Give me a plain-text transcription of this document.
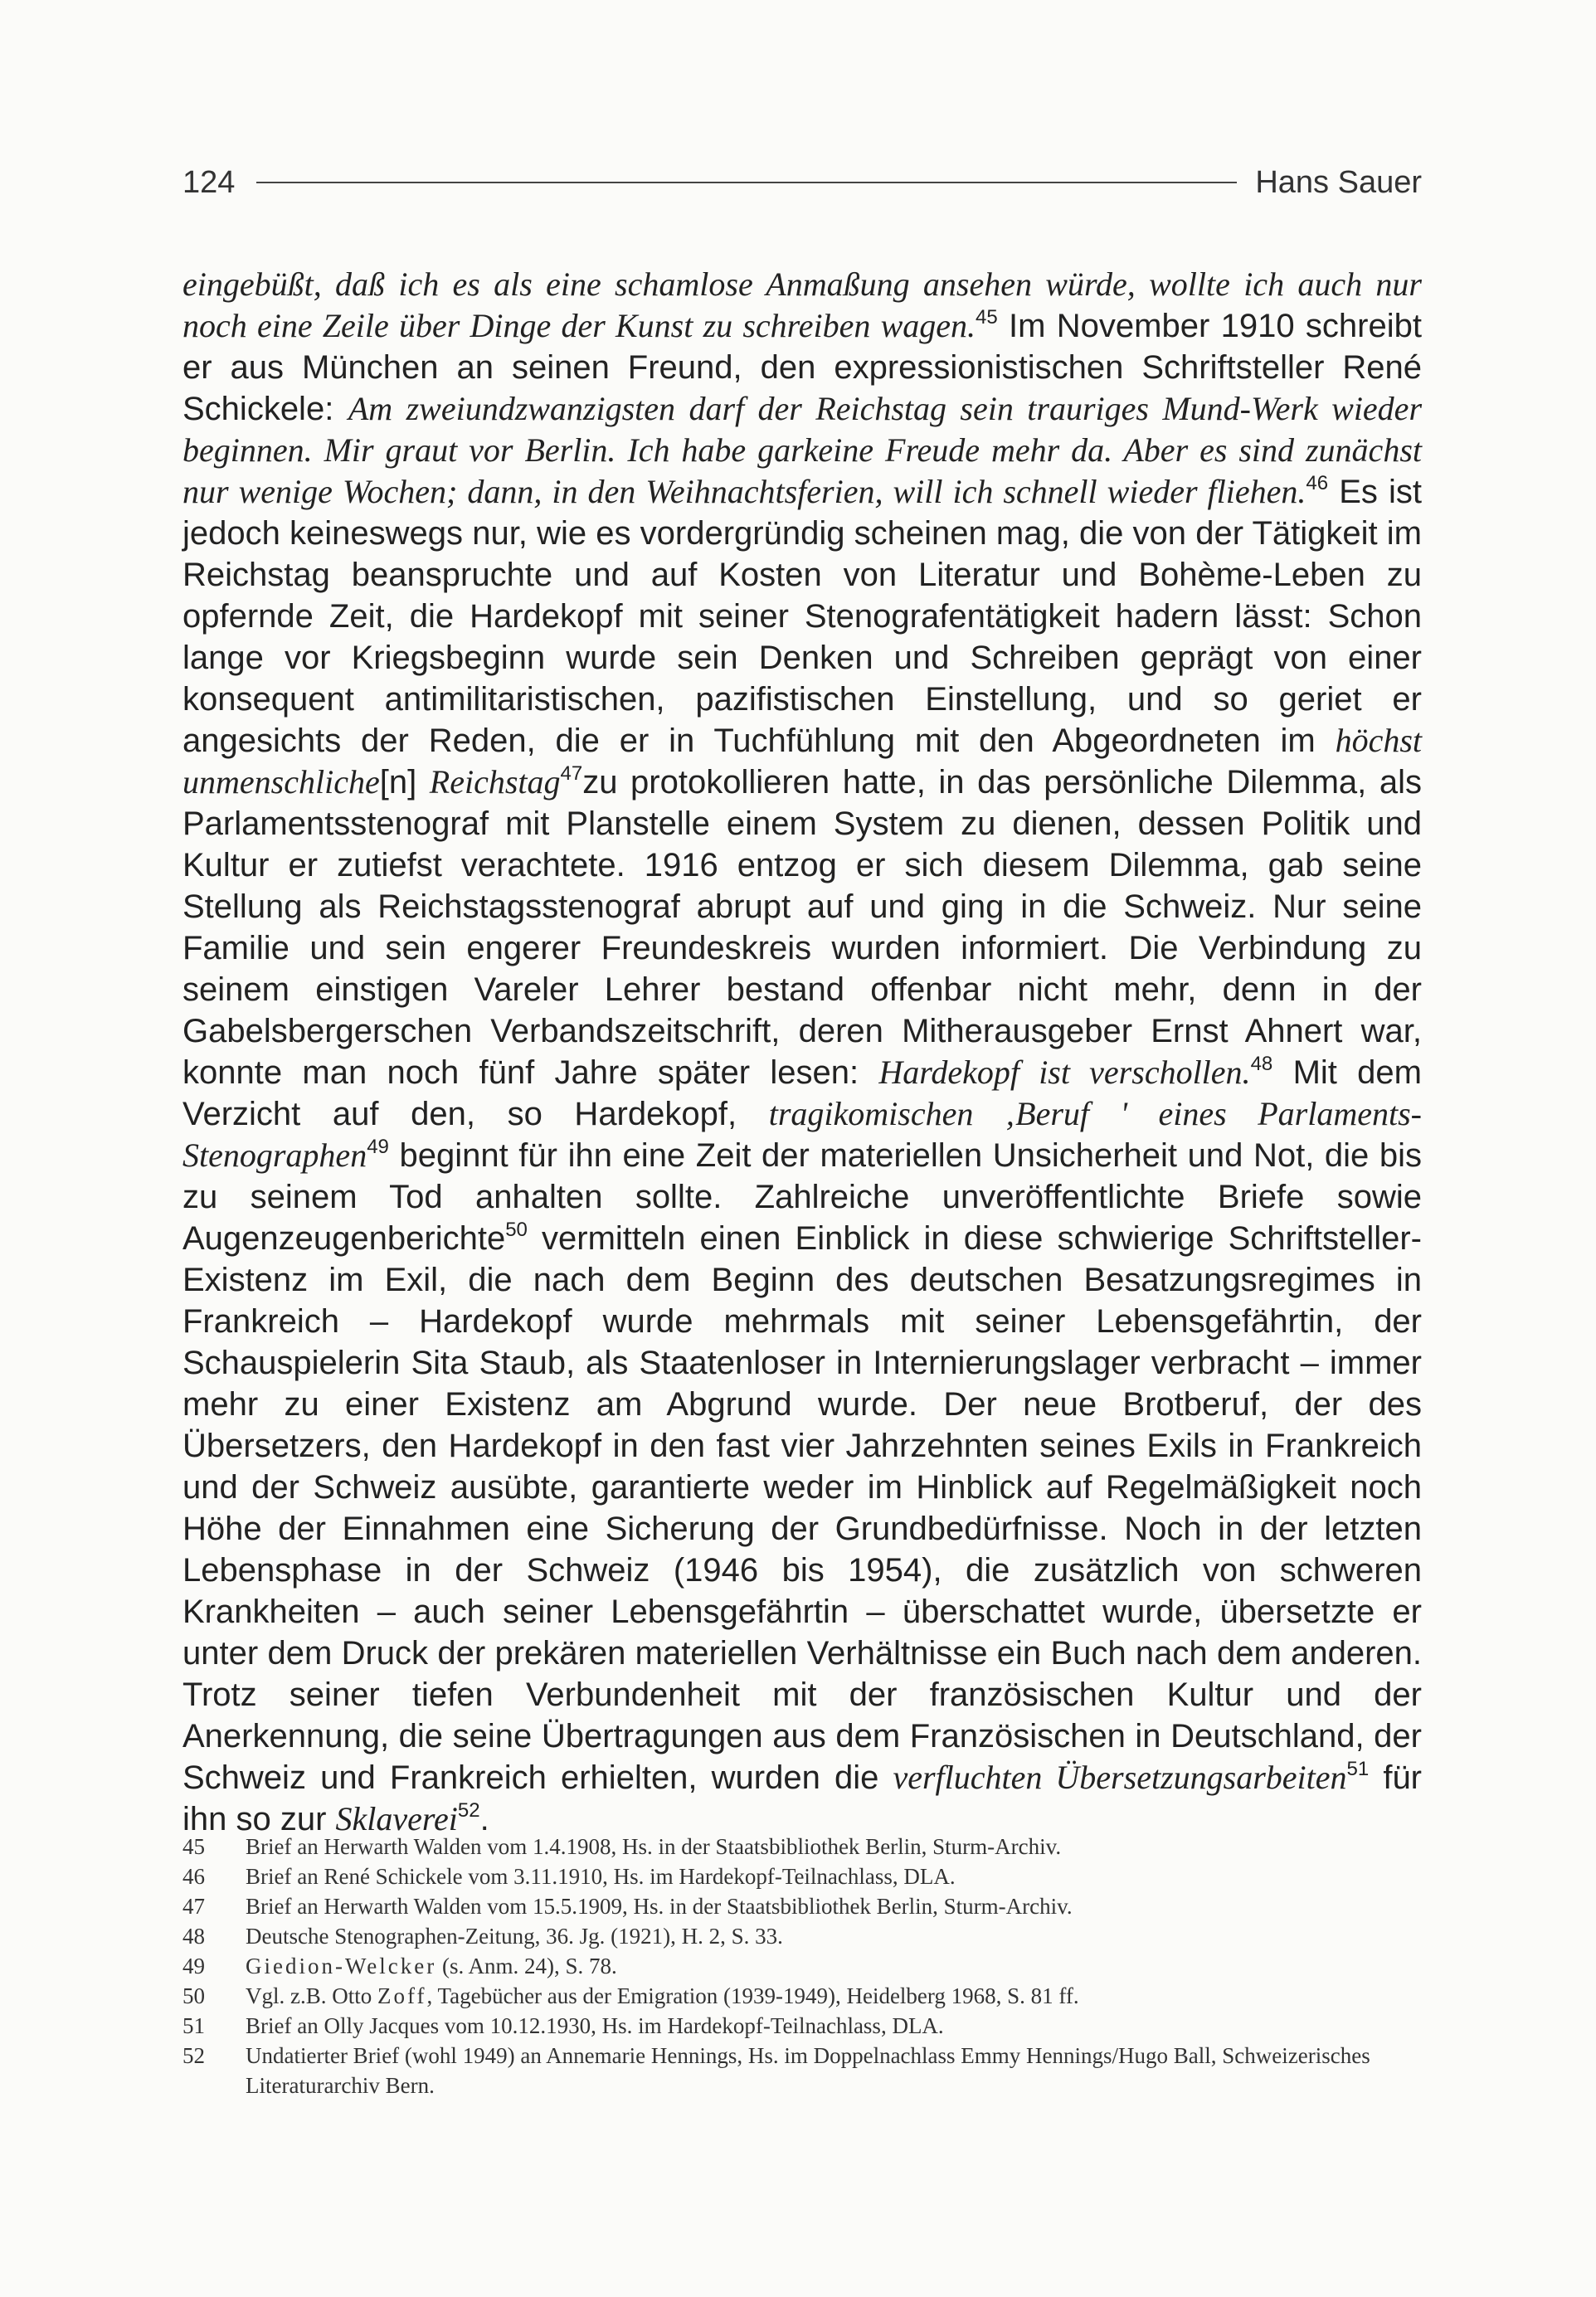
124	Hans Sauer

eingebüßt, daß ich es als eine schamlose Anmaßung ansehen würde, wollte ich auch nur noch eine Zeile über Dinge der Kunst zu schreiben wagen.$^{45}$ Im November 1910 schreibt er aus München an seinen Freund, den expressionistischen Schriftsteller René Schickele: Am zweiundzwanzigsten darf der Reichstag sein trauriges Mund-Werk wieder beginnen. Mir graut vor Berlin. Ich habe garkeine Freude mehr da. Aber es sind zunächst nur wenige Wochen; dann, in den Weihnachtsferien, will ich schnell wieder fliehen.$^{46}$ Es ist jedoch keineswegs nur, wie es vordergründig scheinen mag, die von der Tätigkeit im Reichstag beanspruchte und auf Kosten von Literatur und Bohème-Leben zu opfernde Zeit, die Hardekopf mit seiner Stenografentätigkeit hadern lässt: Schon lange vor Kriegsbeginn wurde sein Denken und Schreiben geprägt von einer konsequent antimilitaristischen, pazifistischen Einstellung, und so geriet er angesichts der Reden, die er in Tuchfühlung mit den Abgeordneten im höchst unmenschliche[n] Reichstag$^{47}$zu protokollieren hatte, in das persönliche Dilemma, als Parlamentsstenograf mit Planstelle einem System zu dienen, dessen Politik und Kultur er zutiefst verachtete. 1916 entzog er sich diesem Dilemma, gab seine Stellung als Reichstagsstenograf abrupt auf und ging in die Schweiz. Nur seine Familie und sein engerer Freundeskreis wurden informiert. Die Verbindung zu seinem einstigen Vareler Lehrer bestand offenbar nicht mehr, denn in der Gabelsbergerschen Verbandszeitschrift, deren Mitherausgeber Ernst Ahnert war, konnte man noch fünf Jahre später lesen: Hardekopf ist verschollen.$^{48}$ Mit dem Verzicht auf den, so Hardekopf, tragikomischen ‚Beruf ' eines Parlaments-Stenographen$^{49}$ beginnt für ihn eine Zeit der materiellen Unsicherheit und Not, die bis zu seinem Tod anhalten sollte. Zahlreiche unveröffentlichte Briefe sowie Augenzeugenberichte$^{50}$ vermitteln einen Einblick in diese schwierige Schriftsteller-Existenz im Exil, die nach dem Beginn des deutschen Besatzungsregimes in Frankreich – Hardekopf wurde mehrmals mit seiner Lebensgefährtin, der Schauspielerin Sita Staub, als Staatenloser in Internierungslager verbracht – immer mehr zu einer Existenz am Abgrund wurde. Der neue Brotberuf, der des Übersetzers, den Hardekopf in den fast vier Jahrzehnten seines Exils in Frankreich und der Schweiz ausübte, garantierte weder im Hinblick auf Regelmäßigkeit noch Höhe der Einnahmen eine Sicherung der Grundbedürfnisse. Noch in der letzten Lebensphase in der Schweiz (1946 bis 1954), die zusätzlich von schweren Krankheiten – auch seiner Lebensgefährtin – überschattet wurde, übersetzte er unter dem Druck der prekären materiellen Verhältnisse ein Buch nach dem anderen. Trotz seiner tiefen Verbundenheit mit der französischen Kultur und der Anerkennung, die seine Übertragungen aus dem Französischen in Deutschland, der Schweiz und Frankreich erhielten, wurden die verfluchten Übersetzungsarbeiten$^{51}$ für ihn so zur Sklaverei$^{52}$.

45	Brief an Herwarth Walden vom 1.4.1908, Hs. in der Staatsbibliothek Berlin, Sturm-Archiv.
46	Brief an René Schickele vom 3.11.1910, Hs. im Hardekopf-Teilnachlass, DLA.
47	Brief an Herwarth Walden vom 15.5.1909, Hs. in der Staatsbibliothek Berlin, Sturm-Archiv.
48	Deutsche Stenographen-Zeitung, 36. Jg. (1921), H. 2, S. 33.
49	Giedion-Welcker (s. Anm. 24), S. 78.
50	Vgl. z.B. Otto Zoff, Tagebücher aus der Emigration (1939-1949), Heidelberg 1968, S. 81 ff.
51	Brief an Olly Jacques vom 10.12.1930, Hs. im Hardekopf-Teilnachlass, DLA.
52	Undatierter Brief (wohl 1949) an Annemarie Hennings, Hs. im Doppelnachlass Emmy Hennings/Hugo Ball, Schweizerisches Literaturarchiv Bern.
